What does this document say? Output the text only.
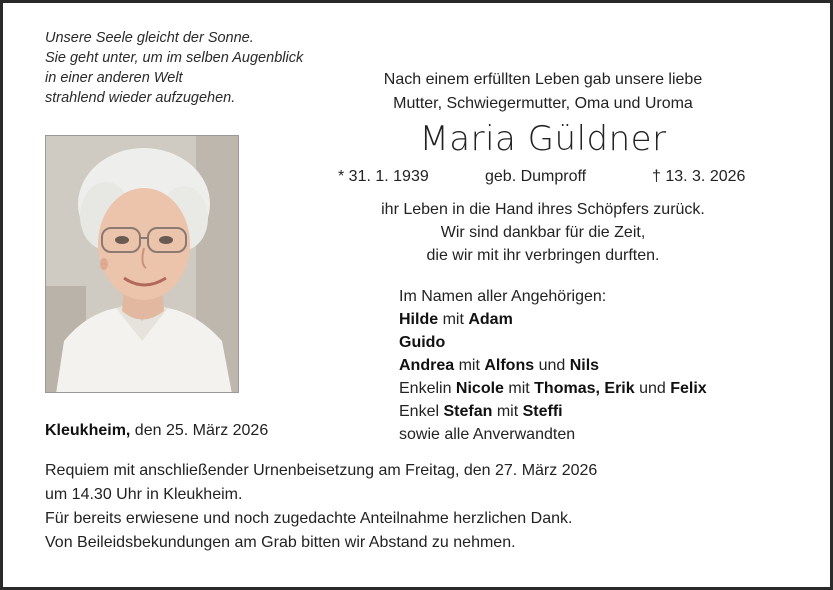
Unsere Seele gleicht der Sonne.
Sie geht unter, um im selben Augenblick
in einer anderen Welt
strahlend wieder aufzugehen.
Nach einem erfüllten Leben gab unsere liebe
Mutter, Schwiegermutter, Oma und Uroma
Maria Güldner
* 31. 1. 1939	geb. Dumproff	† 13. 3. 2026
ihr Leben in die Hand ihres Schöpfers zurück.
Wir sind dankbar für die Zeit,
die wir mit ihr verbringen durften.
Im Namen aller Angehörigen:
Hilde mit Adam
Guido
Andrea mit Alfons und Nils
Enkelin Nicole mit Thomas, Erik und Felix
Enkel Stefan mit Steffi
sowie alle Anverwandten
Kleukheim, den 25. März 2026
Requiem mit anschließender Urnenbeisetzung am Freitag, den 27. März 2026
um 14.30 Uhr in Kleukheim.
Für bereits erwiesene und noch zugedachte Anteilnahme herzlichen Dank.
Von Beileidsbekundungen am Grab bitten wir Abstand zu nehmen.
